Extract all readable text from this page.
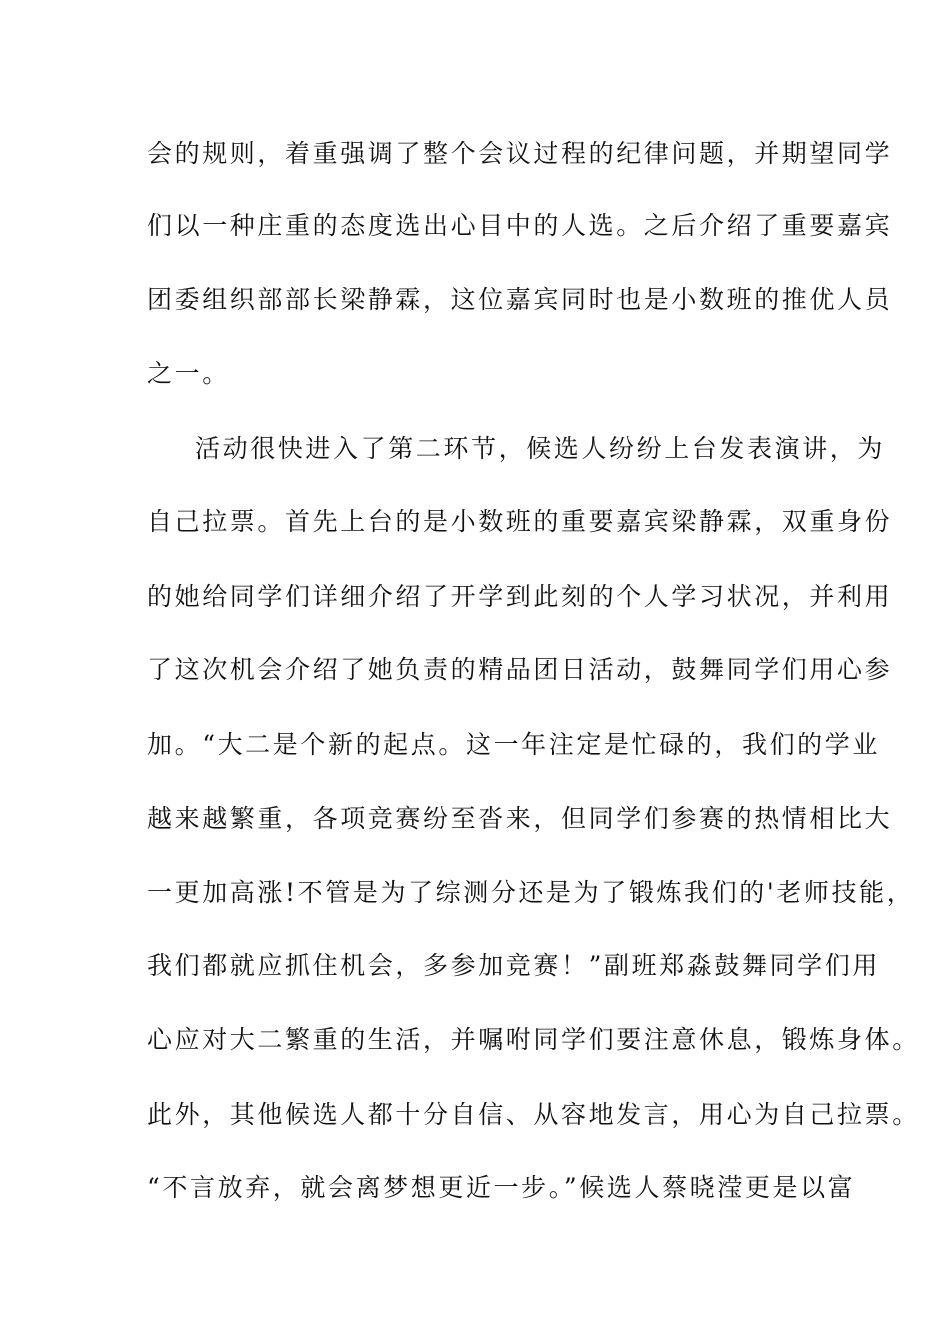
会的规则，着重强调了整个会议过程的纪律问题，并期望同学
们以一种庄重的态度选出心目中的人选。之后介绍了重要嘉宾
团委组织部部长梁静霖，这位嘉宾同时也是小数班的推优人员
之一。
活动很快进入了第二环节，候选人纷纷上台发表演讲，为
自己拉票。首先上台的是小数班的重要嘉宾梁静霖，双重身份
的她给同学们详细介绍了开学到此刻的个人学习状况，并利用
了这次机会介绍了她负责的精品团日活动，鼓舞同学们用心参
加。“大二是个新的起点。这一年注定是忙碌的，我们的学业
越来越繁重，各项竞赛纷至沓来，但同学们参赛的热情相比大
一更加高涨!不管是为了综测分还是为了锻炼我们的'老师技能，
我们都就应抓住机会，多参加竞赛！”副班郑淼鼓舞同学们用
心应对大二繁重的生活，并嘱咐同学们要注意休息，锻炼身体。
此外，其他候选人都十分自信、从容地发言，用心为自己拉票。
“不言放弃，就会离梦想更近一步。”候选人蔡晓滢更是以富
